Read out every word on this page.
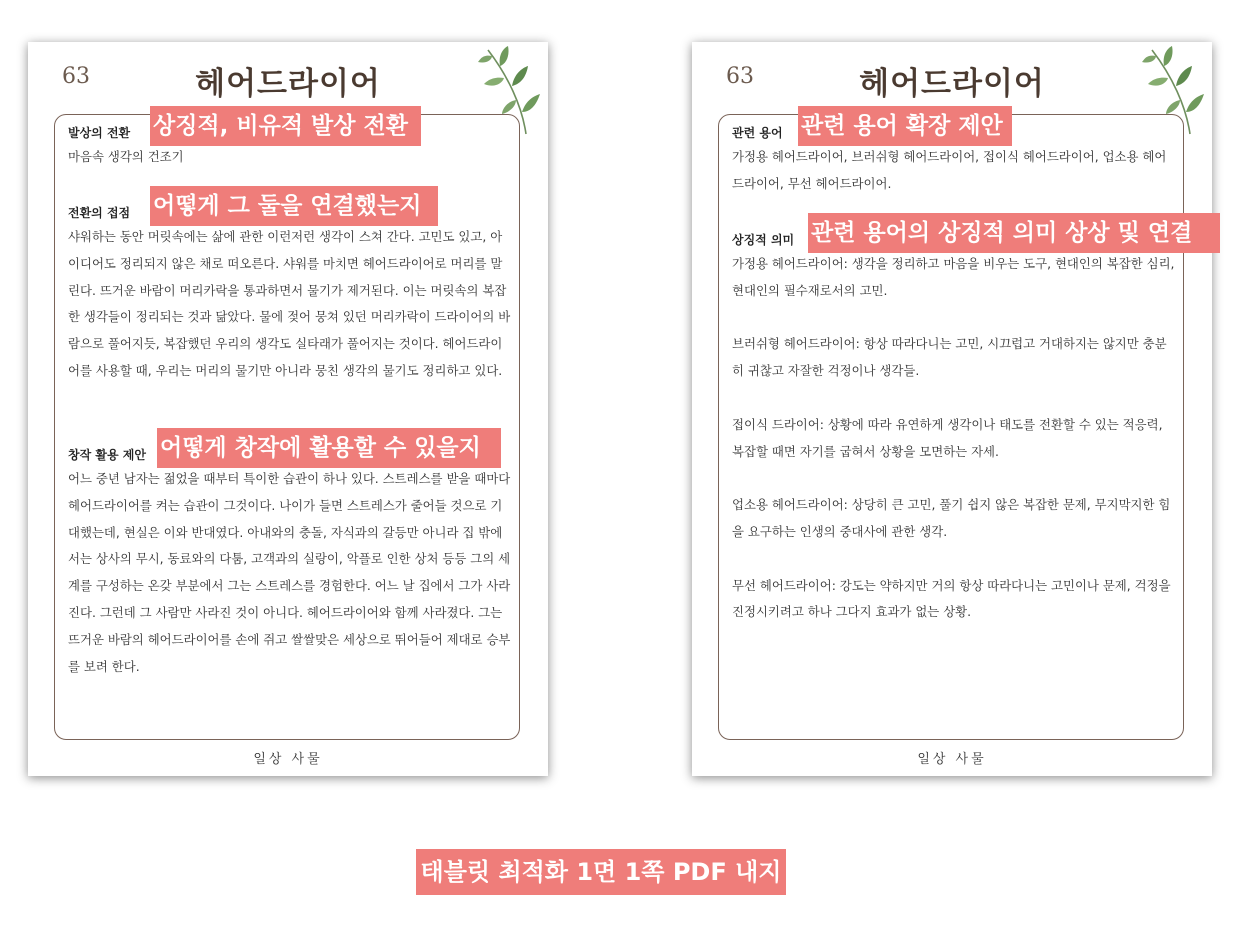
63	헤어드라이어
발상의 전환
마음속 생각의 건조기
상징적, 비유적 발상 전환
전환의 접점
샤워하는 동안 머릿속에는 삶에 관한 이런저런 생각이 스쳐 간다. 고민도 있고, 아이디어도 정리되지 않은 채로 떠오른다. 샤워를 마치면 헤어드라이어로 머리를 말린다. 뜨거운 바람이 머리카락을 통과하면서 물기가 제거된다. 이는 머릿속의 복잡한 생각들이 정리되는 것과 닮았다. 물에 젖어 뭉쳐 있던 머리카락이 드라이어의 바람으로 풀어지듯, 복잡했던 우리의 생각도 실타래가 풀어지는 것이다. 헤어드라이어를 사용할 때, 우리는 머리의 물기만 아니라 뭉친 생각의 물기도 정리하고 있다.
어떻게 그 둘을 연결했는지
창작 활용 제안
어느 중년 남자는 젊었을 때부터 특이한 습관이 하나 있다. 스트레스를 받을 때마다 헤어드라이어를 켜는 습관이 그것이다. 나이가 들면 스트레스가 줄어들 것으로 기대했는데, 현실은 이와 반대였다. 아내와의 충돌, 자식과의 갈등만 아니라 집 밖에서는 상사의 무시, 동료와의 다툼, 고객과의 실랑이, 악플로 인한 상처 등등 그의 세계를 구성하는 온갖 부분에서 그는 스트레스를 경험한다. 어느 날 집에서 그가 사라진다. 그런데 그 사람만 사라진 것이 아니다. 헤어드라이어와 함께 사라졌다. 그는 뜨거운 바람의 헤어드라이어를 손에 쥐고 쌀쌀맞은 세상으로 뛰어들어 제대로 승부를 보려 한다.
어떻게 창작에 활용할 수 있을지
일상 사물
63	헤어드라이어
관련 용어
가정용 헤어드라이어, 브러쉬형 헤어드라이어, 접이식 헤어드라이어, 업소용 헤어드라이어, 무선 헤어드라이어.
관련 용어 확장 제안
상징적 의미
가정용 헤어드라이어: 생각을 정리하고 마음을 비우는 도구, 현대인의 복잡한 심리, 현대인의 필수재로서의 고민.
브러쉬형 헤어드라이어: 항상 따라다니는 고민, 시끄럽고 거대하지는 않지만 충분히 귀찮고 자잘한 걱정이나 생각들.
접이식 드라이어: 상황에 따라 유연하게 생각이나 태도를 전환할 수 있는 적응력, 복잡할 때면 자기를 굽혀서 상황을 모면하는 자세.
업소용 헤어드라이어: 상당히 큰 고민, 풀기 쉽지 않은 복잡한 문제, 무지막지한 힘을 요구하는 인생의 중대사에 관한 생각.
무선 헤어드라이어: 강도는 약하지만 거의 항상 따라다니는 고민이나 문제, 걱정을 진정시키려고 하나 그다지 효과가 없는 상황.
관련 용어의 상징적 의미 상상 및 연결
일상 사물
태블릿 최적화 1면 1쪽 PDF 내지
